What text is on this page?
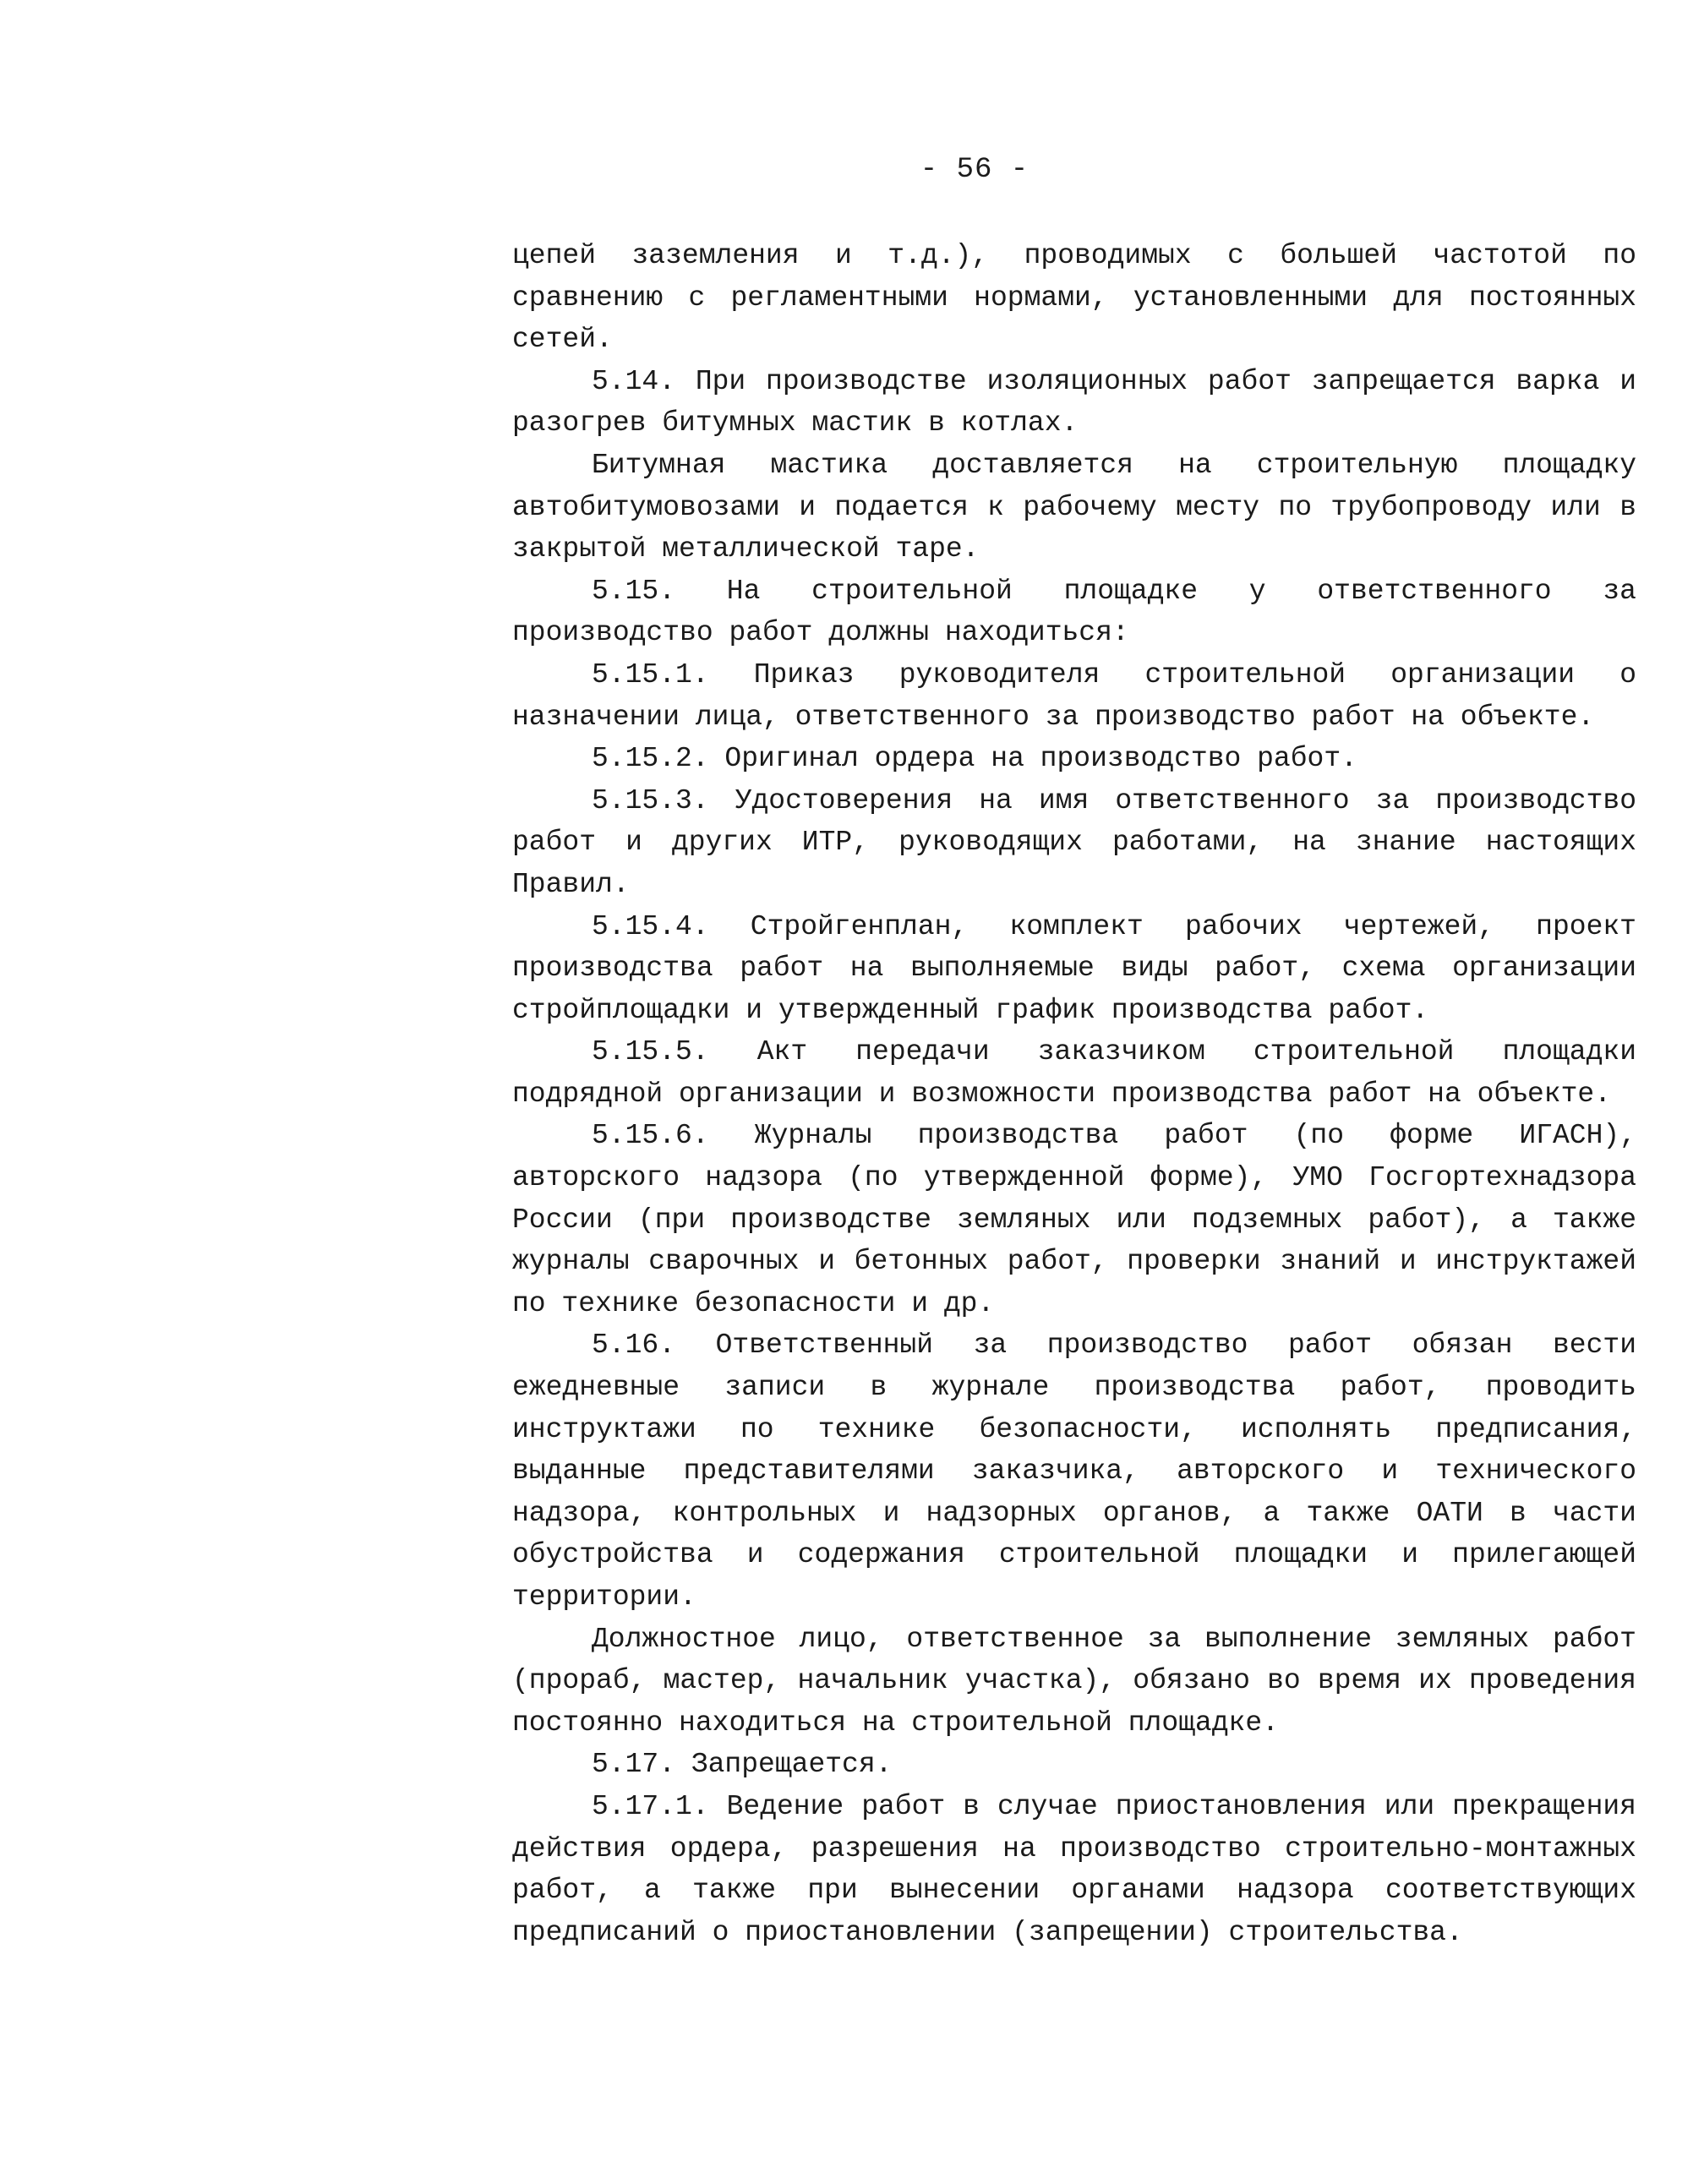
- 56 -

цепей заземления и т.д.), проводимых с большей частотой по сравнению с регламентными нормами, установленными для постоянных сетей.

5.14. При производстве изоляционных работ запрещается варка и разогрев битумных мастик в котлах.

Битумная мастика доставляется на строительную площадку автобитумовозами и подается к рабочему месту по трубопроводу или в закрытой металлической таре.

5.15. На строительной площадке у ответственного за производство работ должны находиться:

5.15.1. Приказ руководителя строительной организации о назначении лица, ответственного за производство работ на объекте.

5.15.2. Оригинал ордера на производство работ.

5.15.3. Удостоверения на имя ответственного за производство работ и других ИТР, руководящих работами, на знание настоящих Правил.

5.15.4. Стройгенплан, комплект рабочих чертежей, проект производства работ на выполняемые виды работ, схема организации стройплощадки и утвержденный график производства работ.

5.15.5. Акт передачи заказчиком строительной площадки подрядной организации и возможности производства работ на объекте.

5.15.6. Журналы производства работ (по форме ИГАСН), авторского надзора (по утвержденной форме), УМО Госгортехнадзора России (при производстве земляных или подземных работ), а также журналы сварочных и бетонных работ, проверки знаний и инструктажей по технике безопасности и др.

5.16. Ответственный за производство работ обязан вести ежедневные записи в журнале производства работ, проводить инструктажи по технике безопасности, исполнять предписания, выданные представителями заказчика, авторского и технического надзора, контрольных и надзорных органов, а также ОАТИ в части обустройства и содержания строительной площадки и прилегающей территории.

Должностное лицо, ответственное за выполнение земляных работ (прораб, мастер, начальник участка), обязано во время их проведения постоянно находиться на строительной площадке.

5.17. Запрещается.

5.17.1. Ведение работ в случае приостановления или прекращения действия ордера, разрешения на производство строительно-монтажных работ, а также при вынесении органами надзора соответствующих предписаний о приостановлении (запрещении) строительства.
